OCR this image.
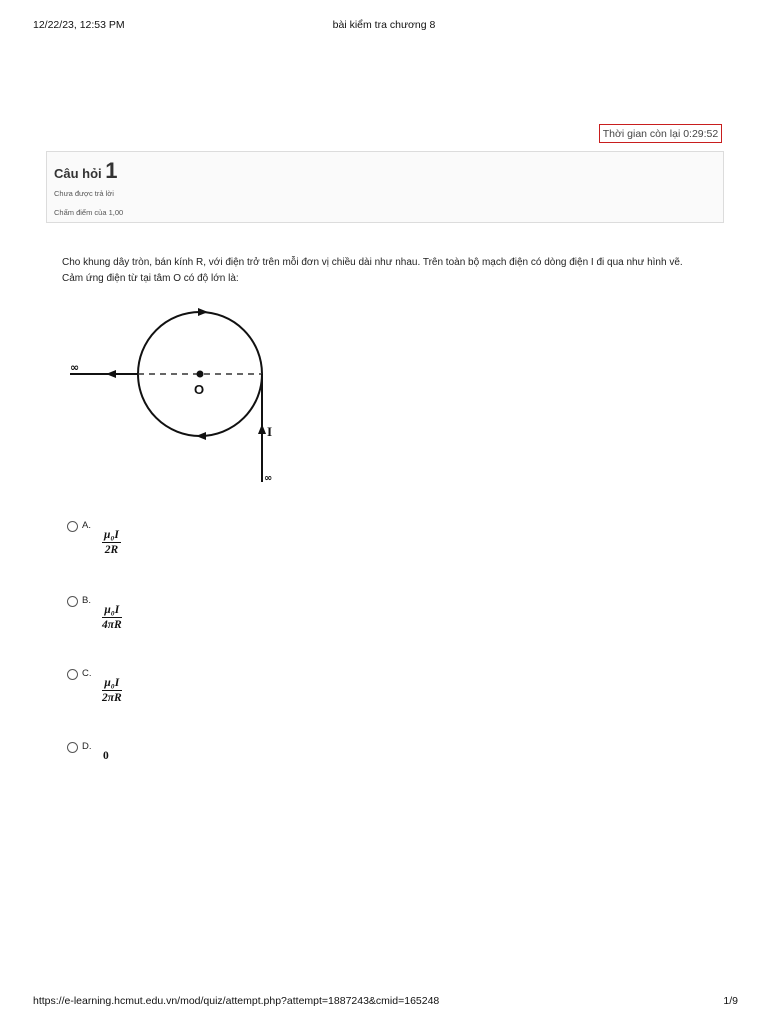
12/22/23, 12:53 PM	bài kiểm tra chương 8
Thời gian còn lại 0:29:52
Câu hỏi 1
Chưa được trả lời
Chấm điểm của 1,00
Cho khung dây tròn, bán kính R, với điện trở trên mỗi đơn vị chiều dài như nhau. Trên toàn bộ mạch điện có dòng điện I đi qua như hình vẽ.
Cảm ứng điện từ tại tâm O có độ lớn là:
O
∞
I
∞
A.
$\frac{\text{μ₀I}}{2R}$
B.
$\frac{\text{μ₀I}}{4\pi R}$
C.
$\frac{\text{μ₀I}}{2\pi R}$
D.
0
https://e-learning.hcmut.edu.vn/mod/quiz/attempt.php?attempt=1887243&cmid=165248	1/9
